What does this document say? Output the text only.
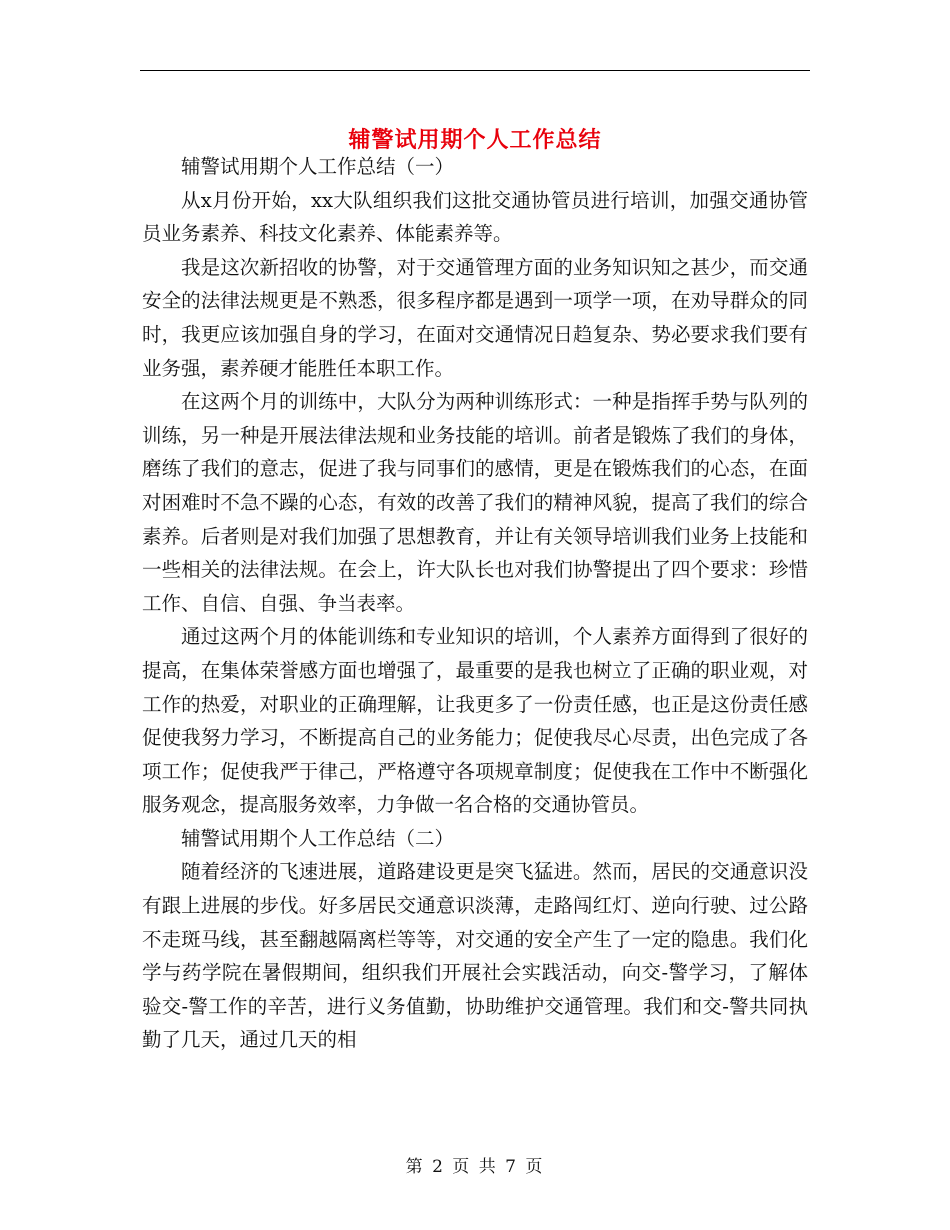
辅警试用期个人工作总结

辅警试用期个人工作总结（一）

从x月份开始，xx大队组织我们这批交通协管员进行培训，加强交通协管员业务素养、科技文化素养、体能素养等。

我是这次新招收的协警，对于交通管理方面的业务知识知之甚少，而交通安全的法律法规更是不熟悉，很多程序都是遇到一项学一项，在劝导群众的同时，我更应该加强自身的学习，在面对交通情况日趋复杂、势必要求我们要有业务强，素养硬才能胜任本职工作。

在这两个月的训练中，大队分为两种训练形式：一种是指挥手势与队列的训练，另一种是开展法律法规和业务技能的培训。前者是锻炼了我们的身体，磨练了我们的意志，促进了我与同事们的感情，更是在锻炼我们的心态，在面对困难时不急不躁的心态，有效的改善了我们的精神风貌，提高了我们的综合素养。后者则是对我们加强了思想教育，并让有关领导培训我们业务上技能和一些相关的法律法规。在会上，许大队长也对我们协警提出了四个要求：珍惜工作、自信、自强、争当表率。

通过这两个月的体能训练和专业知识的培训，个人素养方面得到了很好的提高，在集体荣誉感方面也增强了，最重要的是我也树立了正确的职业观，对工作的热爱，对职业的正确理解，让我更多了一份责任感，也正是这份责任感促使我努力学习，不断提高自己的业务能力；促使我尽心尽责，出色完成了各项工作；促使我严于律己，严格遵守各项规章制度；促使我在工作中不断强化服务观念，提高服务效率，力争做一名合格的交通协管员。

辅警试用期个人工作总结（二）

随着经济的飞速进展，道路建设更是突飞猛进。然而，居民的交通意识没有跟上进展的步伐。好多居民交通意识淡薄，走路闯红灯、逆向行驶、过公路不走斑马线，甚至翻越隔离栏等等，对交通的安全产生了一定的隐患。我们化学与药学院在暑假期间，组织我们开展社会实践活动，向交-警学习，了解体验交-警工作的辛苦，进行义务值勤，协助维护交通管理。我们和交-警共同执勤了几天，通过几天的相

第 2 页 共 7 页
